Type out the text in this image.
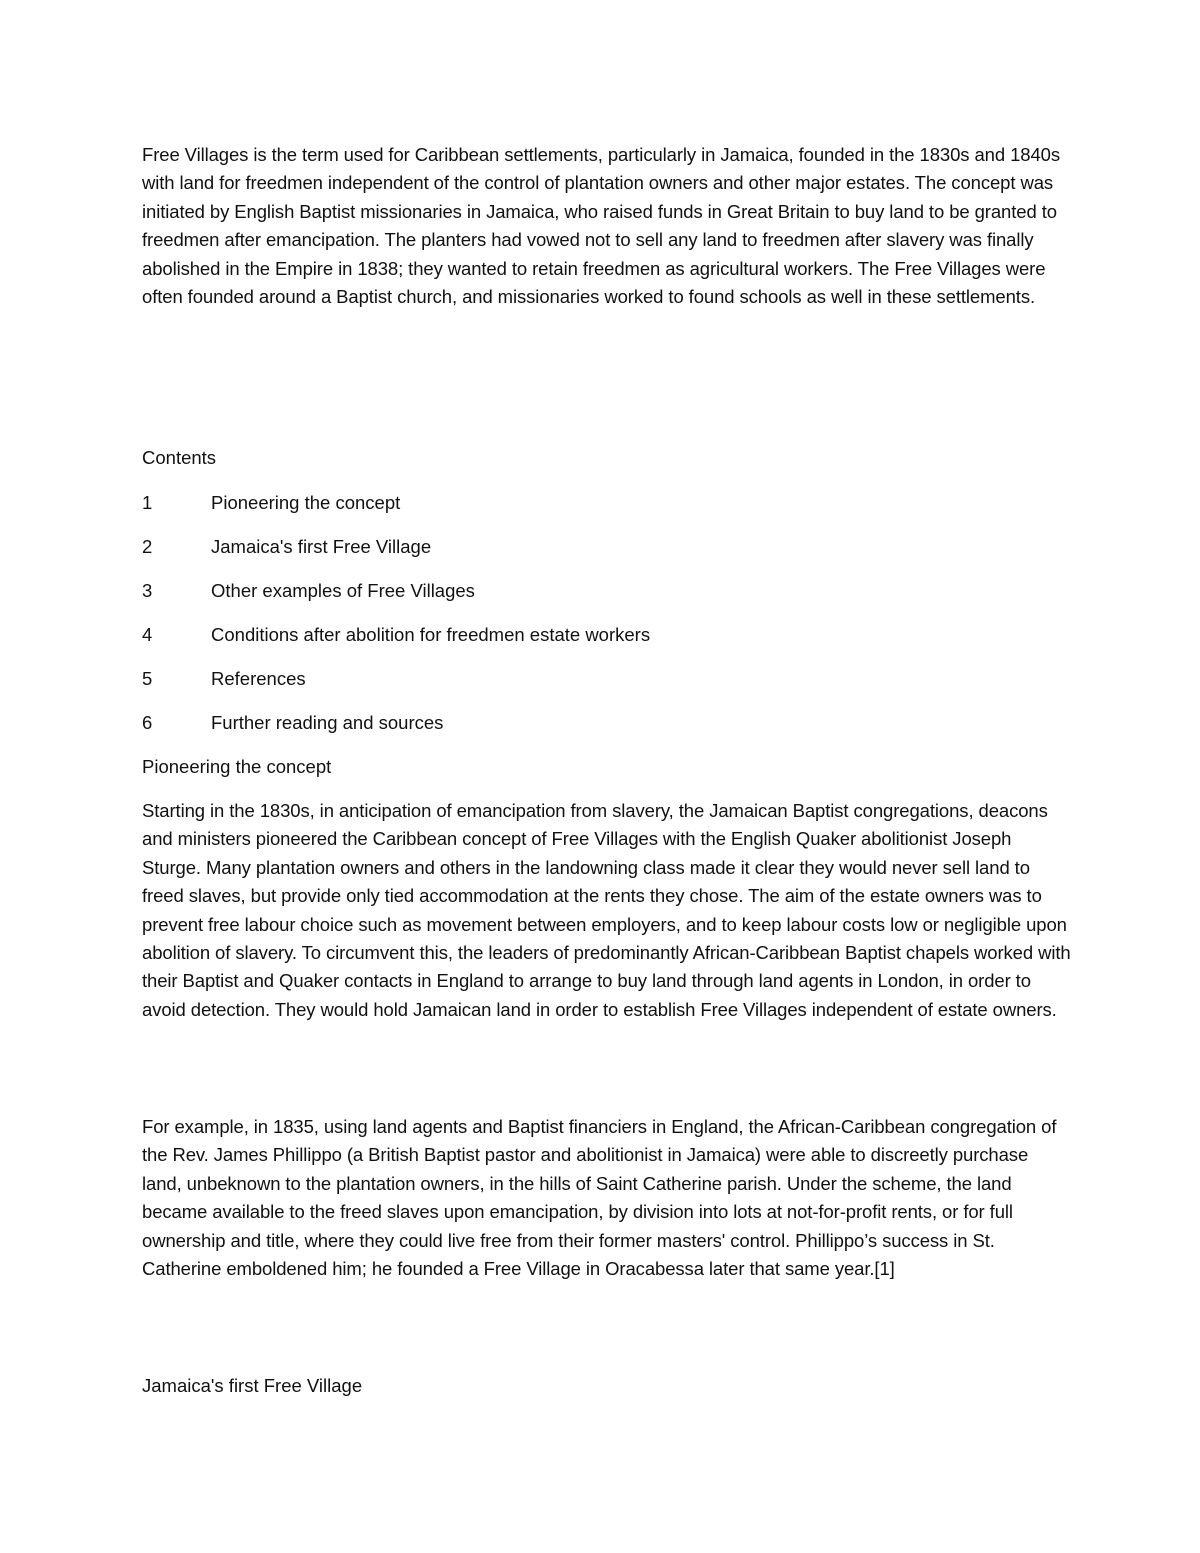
Free Villages is the term used for Caribbean settlements, particularly in Jamaica, founded in the 1830s and 1840s with land for freedmen independent of the control of plantation owners and other major estates. The concept was initiated by English Baptist missionaries in Jamaica, who raised funds in Great Britain to buy land to be granted to freedmen after emancipation. The planters had vowed not to sell any land to freedmen after slavery was finally abolished in the Empire in 1838; they wanted to retain freedmen as agricultural workers. The Free Villages were often founded around a Baptist church, and missionaries worked to found schools as well in these settlements.

Contents

1	Pioneering the concept
2	Jamaica's first Free Village
3	Other examples of Free Villages
4	Conditions after abolition for freedmen estate workers
5	References
6	Further reading and sources

Pioneering the concept

Starting in the 1830s, in anticipation of emancipation from slavery, the Jamaican Baptist congregations, deacons and ministers pioneered the Caribbean concept of Free Villages with the English Quaker abolitionist Joseph Sturge. Many plantation owners and others in the landowning class made it clear they would never sell land to freed slaves, but provide only tied accommodation at the rents they chose. The aim of the estate owners was to prevent free labour choice such as movement between employers, and to keep labour costs low or negligible upon abolition of slavery. To circumvent this, the leaders of predominantly African-Caribbean Baptist chapels worked with their Baptist and Quaker contacts in England to arrange to buy land through land agents in London, in order to avoid detection. They would hold Jamaican land in order to establish Free Villages independent of estate owners.

For example, in 1835, using land agents and Baptist financiers in England, the African-Caribbean congregation of the Rev. James Phillippo (a British Baptist pastor and abolitionist in Jamaica) were able to discreetly purchase land, unbeknown to the plantation owners, in the hills of Saint Catherine parish. Under the scheme, the land became available to the freed slaves upon emancipation, by division into lots at not-for-profit rents, or for full ownership and title, where they could live free from their former masters' control. Phillippo’s success in St. Catherine emboldened him; he founded a Free Village in Oracabessa later that same year.[1]

Jamaica's first Free Village
